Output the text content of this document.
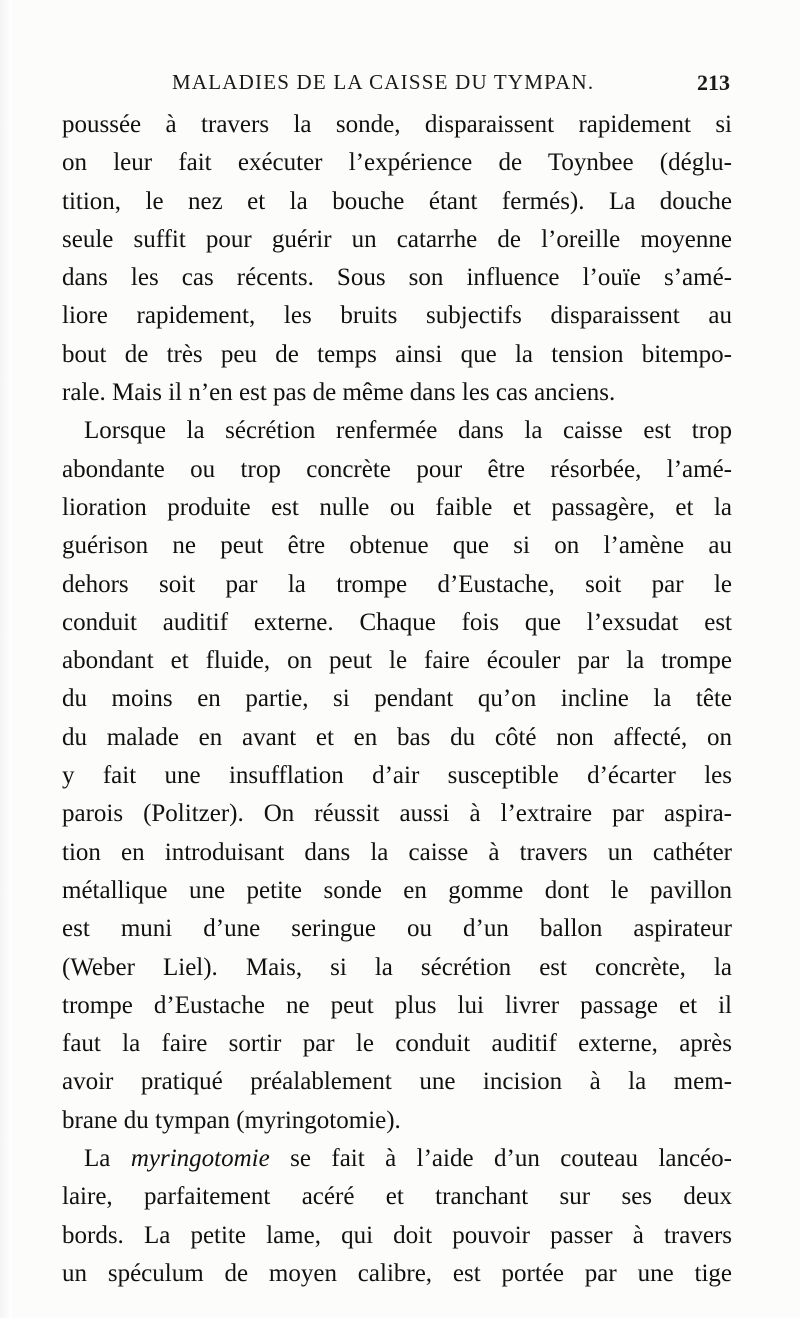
MALADIES DE LA CAISSE DU TYMPAN.	213
poussée à travers la sonde, disparaissent rapidement si
on leur fait exécuter l’expérience de Toynbee (déglu-
tition, le nez et la bouche étant fermés). La douche
seule suffit pour guérir un catarrhe de l’oreille moyenne
dans les cas récents. Sous son influence l’ouïe s’amé-
liore rapidement, les bruits subjectifs disparaissent au
bout de très peu de temps ainsi que la tension bitempo-
rale. Mais il n’en est pas de même dans les cas anciens.
Lorsque la sécrétion renfermée dans la caisse est trop
abondante ou trop concrète pour être résorbée, l’amé-
lioration produite est nulle ou faible et passagère, et la
guérison ne peut être obtenue que si on l’amène au
dehors soit par la trompe d’Eustache, soit par le
conduit auditif externe. Chaque fois que l’exsudat est
abondant et fluide, on peut le faire écouler par la trompe
du moins en partie, si pendant qu’on incline la tête
du malade en avant et en bas du côté non affecté, on
y fait une insufflation d’air susceptible d’écarter les
parois (Politzer). On réussit aussi à l’extraire par aspira-
tion en introduisant dans la caisse à travers un cathéter
métallique une petite sonde en gomme dont le pavillon
est muni d’une seringue ou d’un ballon aspirateur
(Weber Liel). Mais, si la sécrétion est concrète, la
trompe d’Eustache ne peut plus lui livrer passage et il
faut la faire sortir par le conduit auditif externe, après
avoir pratiqué préalablement une incision à la mem-
brane du tympan (myringotomie).
La myringotomie se fait à l’aide d’un couteau lancéo-
laire, parfaitement acéré et tranchant sur ses deux
bords. La petite lame, qui doit pouvoir passer à travers
un spéculum de moyen calibre, est portée par une tige
